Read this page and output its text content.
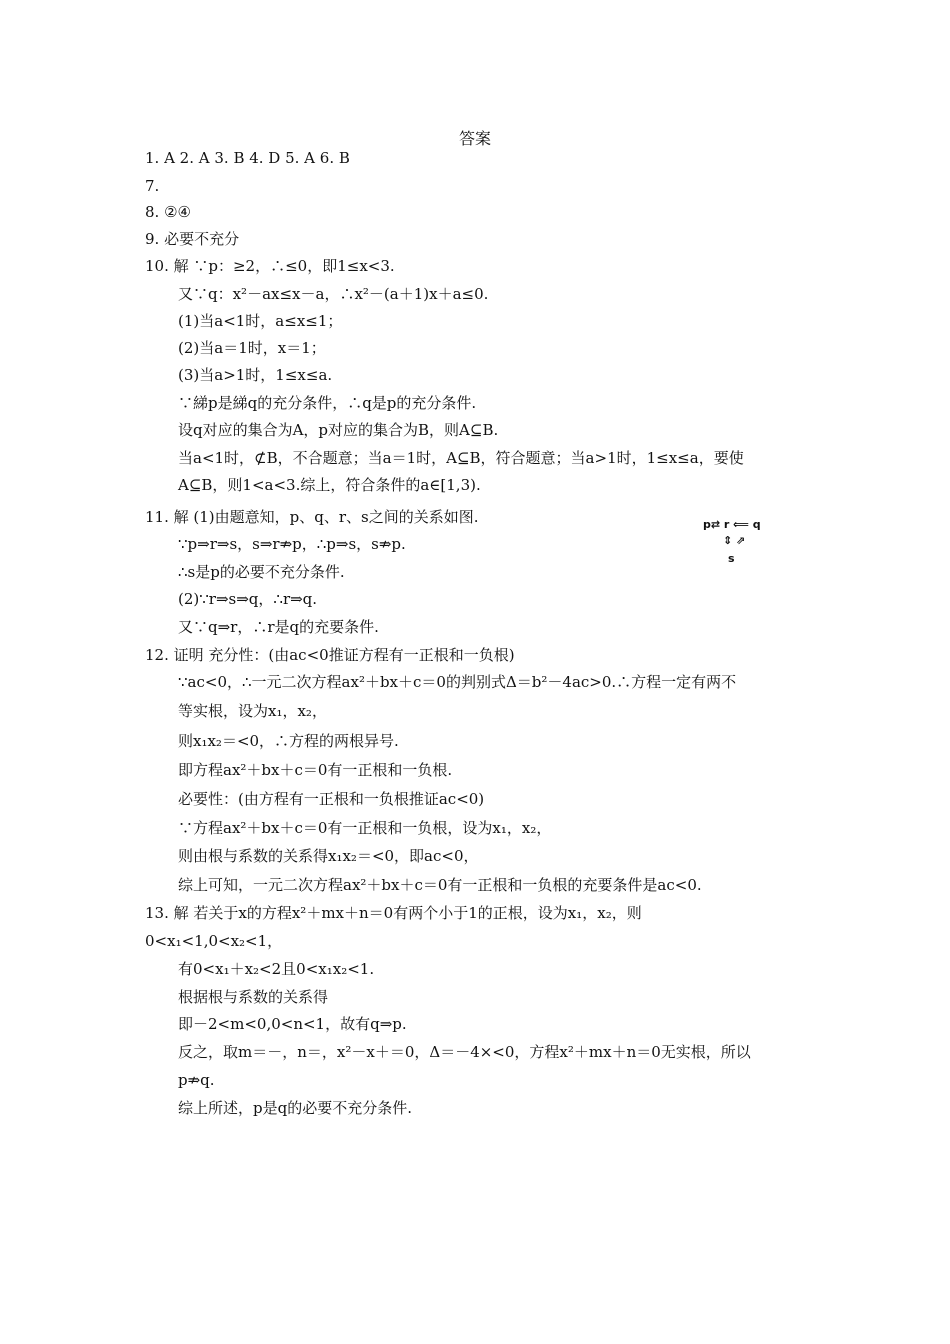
答案
1. A 2. A 3. B 4. D 5. A 6. B
7.
8. ②④
9. 必要不充分
10. 解 ∵p：≥2，∴≤0，即1≤x<3.
又∵q：x²－ax≤x－a，∴x²－(a＋1)x＋a≤0.
(1)当a<1时，a≤x≤1；
(2)当a＝1时，x＝1；
(3)当a>1时，1≤x≤a.
∵綈p是綈q的充分条件，∴q是p的充分条件.
设q对应的集合为A，p对应的集合为B，则A⊆B.
当a<1时，⊄B，不合题意；当a＝1时，A⊆B，符合题意；当a>1时，1≤x≤a，要使
A⊆B，则1<a<3.综上，符合条件的a∈[1,3).
11. 解 (1)由题意知，p、q、r、s之间的关系如图.
∵p⇒r⇒s，s⇒r⇏p，∴p⇒s，s⇏p.
∴s是p的必要不充分条件.
(2)∵r⇒s⇒q，∴r⇒q.
又∵q⇒r，∴r是q的充要条件.
p⇄ r ⟸ q
⇕ ⇗
s
12. 证明 充分性：(由ac<0推证方程有一正根和一负根)
∵ac<0，∴一元二次方程ax²＋bx＋c＝0的判别式Δ＝b²－4ac>0.∴方程一定有两不
等实根，设为x₁，x₂，
则x₁x₂＝<0，∴方程的两根异号.
即方程ax²＋bx＋c＝0有一正根和一负根.
必要性：(由方程有一正根和一负根推证ac<0)
∵方程ax²＋bx＋c＝0有一正根和一负根，设为x₁，x₂，
则由根与系数的关系得x₁x₂＝<0，即ac<0，
综上可知，一元二次方程ax²＋bx＋c＝0有一正根和一负根的充要条件是ac<0.
13. 解 若关于x的方程x²＋mx＋n＝0有两个小于1的正根，设为x₁，x₂，则
0<x₁<1,0<x₂<1，
有0<x₁＋x₂<2且0<x₁x₂<1.
根据根与系数的关系得
即－2<m<0,0<n<1，故有q⇒p.
反之，取m＝－，n＝，x²－x＋＝0，Δ＝－4×<0，方程x²＋mx＋n＝0无实根，所以
p⇏q.
综上所述，p是q的必要不充分条件.
